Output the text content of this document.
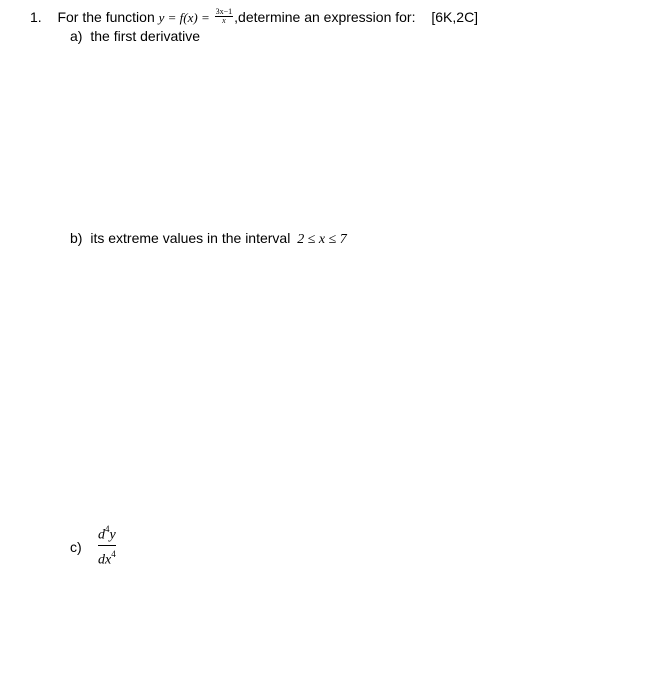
1. For the function $y = f(x) = \frac{3x-1}{x}$ ,determine an expression for: [6K,2C]
a) the first derivative
b) its extreme values in the interval 2 ≤ x ≤ 7
c)
$d^4y$
$dx^4$
